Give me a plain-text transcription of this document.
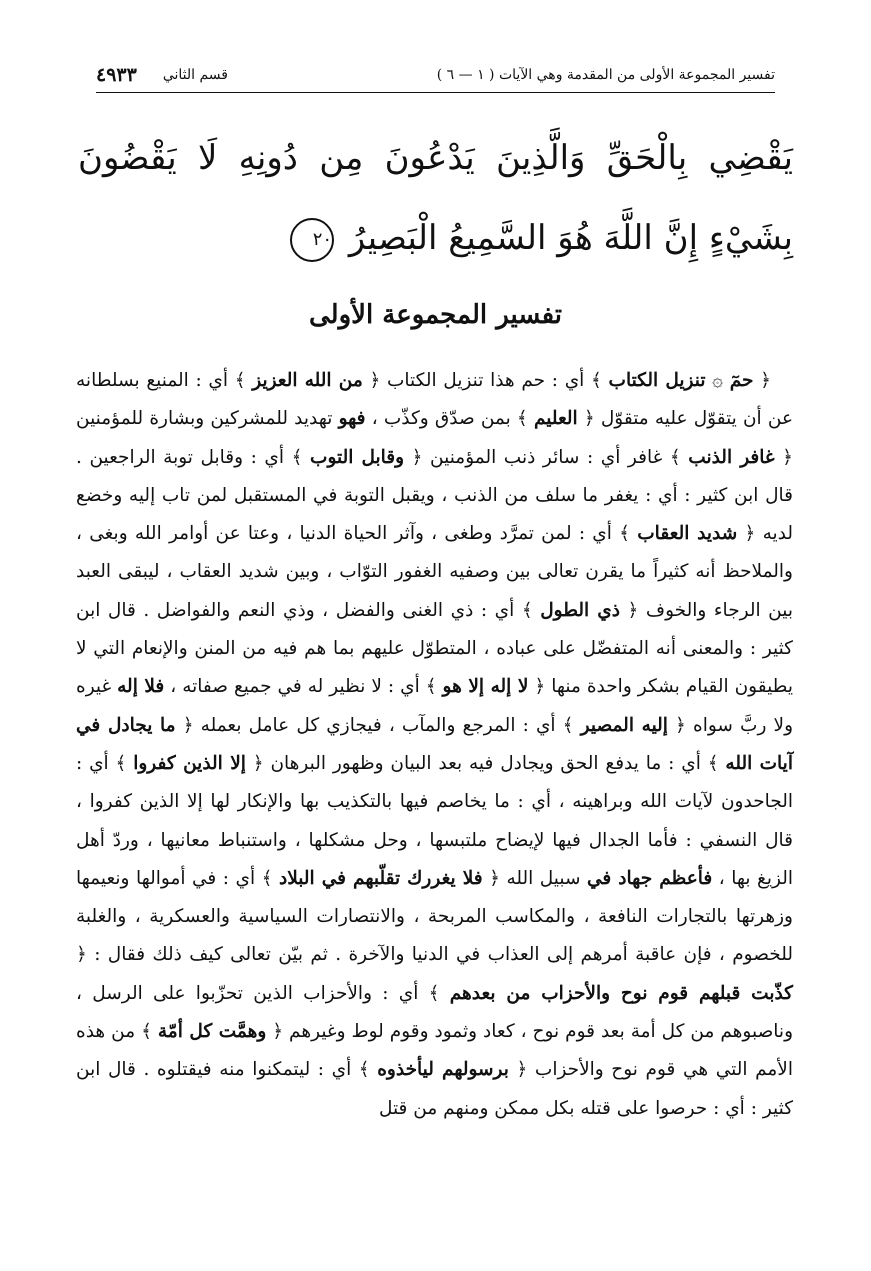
تفسير المجموعة الأولى من المقدمة وهي الآيات ( ١ — ٦ )
قسم الثاني
٤٩٣٣
يَقْضِي بِالْحَقِّ وَالَّذِينَ يَدْعُونَ مِن دُونِهِ لَا يَقْضُونَ بِشَيْءٍ إِنَّ اللَّهَ هُوَ السَّمِيعُ الْبَصِيرُ ٢٠
تفسير المجموعة الأولى
﴿ حمٓ ۞ تنزيل الكتاب ﴾ أي : حم هذا تنزيل الكتاب ﴿ من الله العزيز ﴾ أي : المنيع بسلطانه عن أن يتقوّل عليه متقوّل ﴿ العليم ﴾ بمن صدّق وكذّب ، فهو تهديد للمشركين وبشارة للمؤمنين ﴿ غافر الذنب ﴾ غافر أي : سائر ذنب المؤمنين ﴿ وقابل التوب ﴾ أي : وقابل توبة الراجعين . قال ابن كثير : أي : يغفر ما سلف من الذنب ، ويقبل التوبة في المستقبل لمن تاب إليه وخضع لديه ﴿ شديد العقاب ﴾ أي : لمن تمرَّد وطغى ، وآثر الحياة الدنيا ، وعتا عن أوامر الله وبغى ، والملاحظ أنه كثيراً ما يقرن تعالى بين وصفيه الغفور التوّاب ، وبين شديد العقاب ، ليبقى العبد بين الرجاء والخوف ﴿ ذي الطول ﴾ أي : ذي الغنى والفضل ، وذي النعم والفواضل . قال ابن كثير : والمعنى أنه المتفضّل على عباده ، المتطوّل عليهم بما هم فيه من المنن والإنعام التي لا يطيقون القيام بشكر واحدة منها ﴿ لا إله إلا هو ﴾ أي : لا نظير له في جميع صفاته ، فلا إله غيره ولا ربَّ سواه ﴿ إليه المصير ﴾ أي : المرجع والمآب ، فيجازي كل عامل بعمله ﴿ ما يجادل في آيات الله ﴾ أي : ما يدفع الحق ويجادل فيه بعد البيان وظهور البرهان ﴿ إلا الذين كفروا ﴾ أي : الجاحدون لآيات الله وبراهينه ، أي : ما يخاصم فيها بالتكذيب بها والإنكار لها إلا الذين كفروا ، قال النسفي : فأما الجدال فيها لإيضاح ملتبسها ، وحل مشكلها ، واستنباط معانيها ، وردّ أهل الزيغ بها ، فأعظم جهاد في سبيل الله ﴿ فلا يغررك تقلّبهم في البلاد ﴾ أي : في أموالها ونعيمها وزهرتها بالتجارات النافعة ، والمكاسب المربحة ، والانتصارات السياسية والعسكرية ، والغلبة للخصوم ، فإن عاقبة أمرهم إلى العذاب في الدنيا والآخرة . ثم بيّن تعالى كيف ذلك فقال : ﴿ كذّبت قبلهم قوم نوح والأحزاب من بعدهم ﴾ أي : والأحزاب الذين تحزّبوا على الرسل ، وناصبوهم من كل أمة بعد قوم نوح ، كعاد وثمود وقوم لوط وغيرهم ﴿ وهمَّت كل أمّة ﴾ من هذه الأمم التي هي قوم نوح والأحزاب ﴿ برسولهم ليأخذوه ﴾ أي : ليتمكنوا منه فيقتلوه . قال ابن كثير : أي : حرصوا على قتله بكل ممكن ومنهم من قتل
